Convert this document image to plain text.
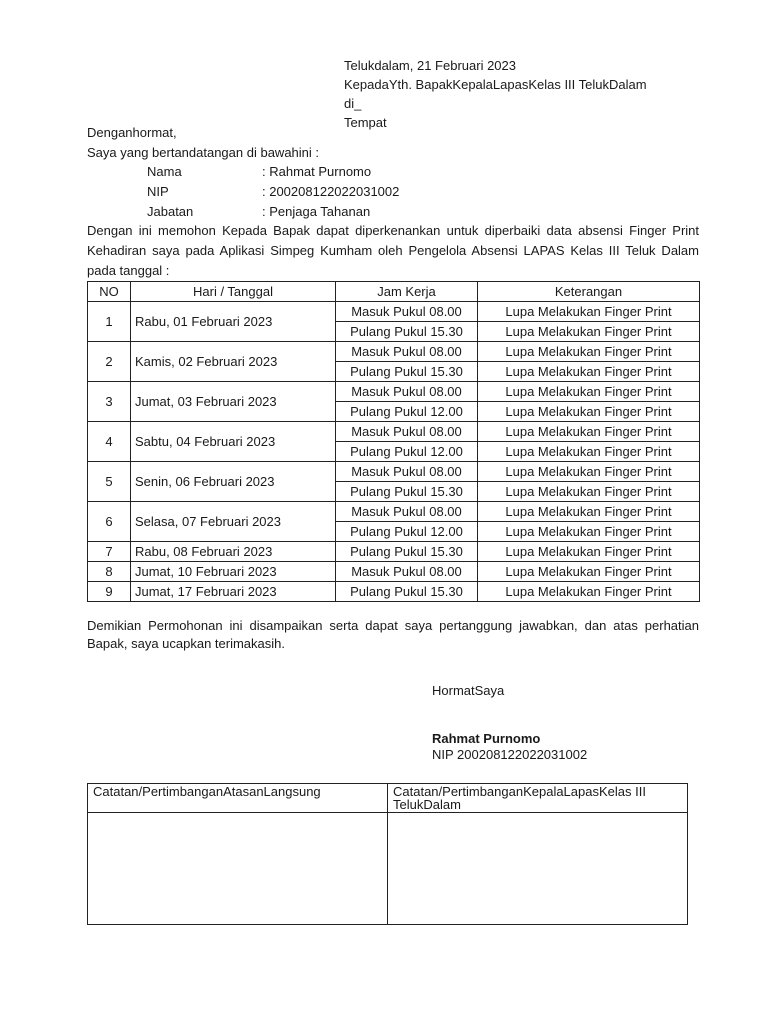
Telukdalam, 21 Februari 2023
KepadaYth. BapakKepalaLapasKelas III TelukDalam
di_
Tempat
Denganhormat,
Saya yang bertandatangan di bawahini :
Nama	: Rahmat Purnomo
NIP	: 200208122022031002
Jabatan	: Penjaga Tahanan
Dengan ini memohon Kepada Bapak dapat diperkenankan untuk diperbaiki data absensi Finger Print Kehadiran saya pada Aplikasi Simpeg Kumham oleh Pengelola Absensi LAPAS Kelas III Teluk Dalam pada tanggal :
NO	Hari / Tanggal	Jam Kerja	Keterangan
1	Rabu, 01 Februari 2023	Masuk Pukul 08.00	Lupa Melakukan Finger Print
		Pulang Pukul 15.30	Lupa Melakukan Finger Print
2	Kamis, 02 Februari 2023	Masuk Pukul 08.00	Lupa Melakukan Finger Print
		Pulang Pukul 15.30	Lupa Melakukan Finger Print
3	Jumat, 03 Februari 2023	Masuk Pukul 08.00	Lupa Melakukan Finger Print
		Pulang Pukul 12.00	Lupa Melakukan Finger Print
4	Sabtu, 04 Februari 2023	Masuk Pukul 08.00	Lupa Melakukan Finger Print
		Pulang Pukul 12.00	Lupa Melakukan Finger Print
5	Senin, 06 Februari 2023	Masuk Pukul 08.00	Lupa Melakukan Finger Print
		Pulang Pukul 15.30	Lupa Melakukan Finger Print
6	Selasa, 07 Februari 2023	Masuk Pukul 08.00	Lupa Melakukan Finger Print
		Pulang Pukul 12.00	Lupa Melakukan Finger Print
7	Rabu, 08 Februari 2023	Pulang Pukul 15.30	Lupa Melakukan Finger Print
8	Jumat, 10 Februari 2023	Masuk Pukul 08.00	Lupa Melakukan Finger Print
9	Jumat, 17 Februari 2023	Pulang Pukul 15.30	Lupa Melakukan Finger Print
Demikian Permohonan ini disampaikan serta dapat saya pertanggung jawabkan, dan atas perhatian Bapak, saya ucapkan terimakasih.
HormatSaya
Rahmat Purnomo
NIP 200208122022031002
Catatan/PertimbanganAtasanLangsung	Catatan/PertimbanganKepalaLapasKelas III TelukDalam
